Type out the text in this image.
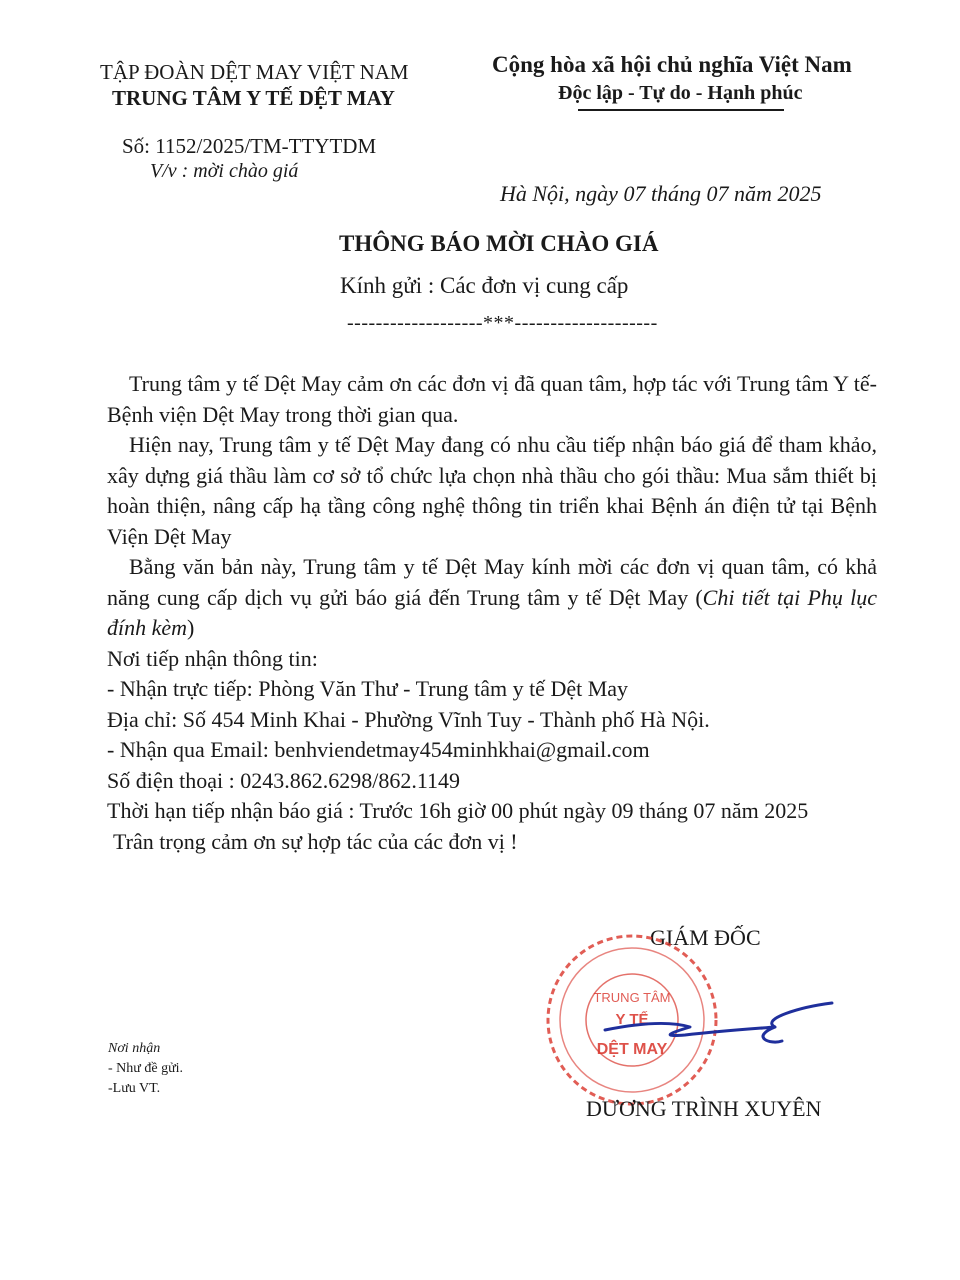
TẬP ĐOÀN DỆT MAY VIỆT NAM
TRUNG TÂM Y TẾ DỆT MAY
Cộng hòa xã hội chủ nghĩa Việt Nam
Độc lập - Tự do - Hạnh phúc
Số: 1152/2025/TM-TTYTDM
V/v : mời chào giá
Hà Nội, ngày 07 tháng 07 năm 2025
THÔNG BÁO MỜI CHÀO GIÁ
Kính gửi : Các đơn vị cung cấp
-------------------***--------------------

Trung tâm y tế Dệt May cảm ơn các đơn vị đã quan tâm, hợp tác với Trung tâm Y tế-Bệnh viện Dệt May trong thời gian qua.

Hiện nay, Trung tâm y tế Dệt May đang có nhu cầu tiếp nhận báo giá để tham khảo, xây dựng giá thầu làm cơ sở tổ chức lựa chọn nhà thầu cho gói thầu: Mua sắm thiết bị hoàn thiện, nâng cấp hạ tầng công nghệ thông tin triển khai Bệnh án điện tử tại Bệnh Viện Dệt May

Bằng văn bản này, Trung tâm y tế Dệt May kính mời các đơn vị quan tâm, có khả năng cung cấp dịch vụ gửi báo giá đến Trung tâm y tế Dệt May (Chi tiết tại Phụ lục đính kèm)

Nơi tiếp nhận thông tin:

- Nhận trực tiếp: Phòng Văn Thư - Trung tâm y tế Dệt May

Địa chỉ: Số 454 Minh Khai - Phường Vĩnh Tuy - Thành phố Hà Nội.

- Nhận qua Email: benhviendetmay454minhkhai@gmail.com

Số điện thoại : 0243.862.6298/862.1149

Thời hạn tiếp nhận báo giá : Trước 16h giờ 00 phút ngày 09 tháng 07 năm 2025

Trân trọng cảm ơn sự hợp tác của các đơn vị !

GIÁM ĐỐC
TRUNG TÂM
Y TẾ
DỆT MAY
DƯƠNG TRÌNH XUYÊN
Nơi nhận
- Như đề gửi.
-Lưu VT.
